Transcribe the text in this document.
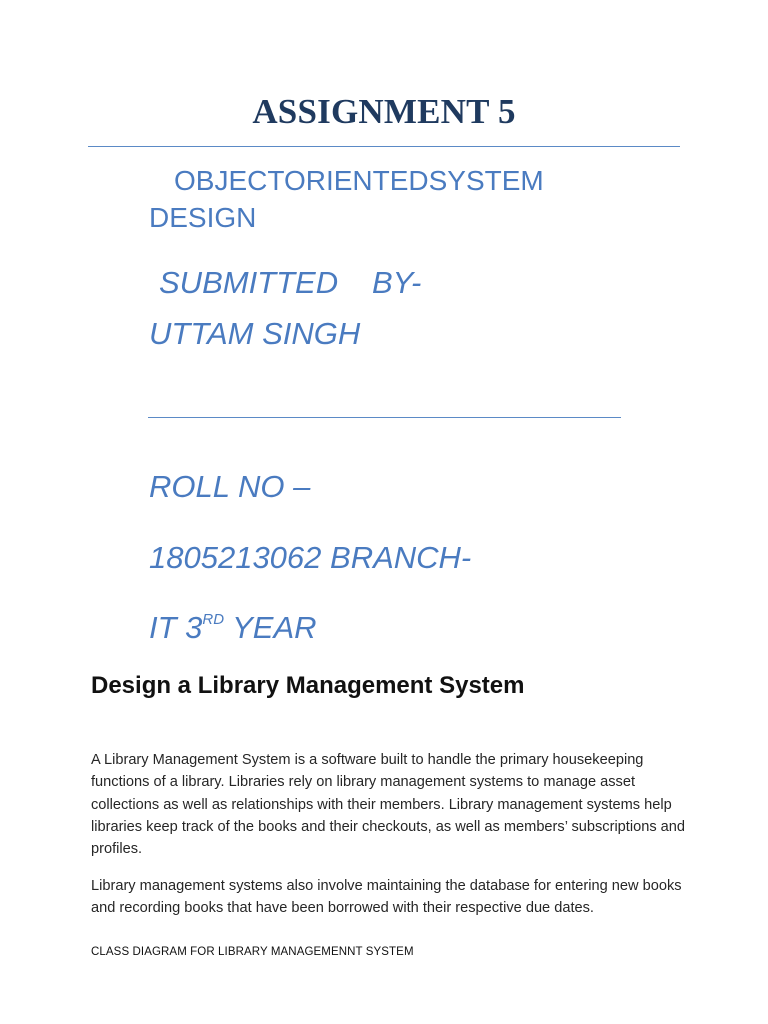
ASSIGNMENT 5
OBJECTORIENTEDSYSTEM
DESIGN
SUBMITTED BY-
UTTAM SINGH
ROLL NO –
1805213062 BRANCH-
IT 3RD YEAR
Design a Library Management System

A Library Management System is a software built to handle the primary housekeeping functions of a library. Libraries rely on library management systems to manage asset collections as well as relationships with their members. Library management systems help libraries keep track of the books and their checkouts, as well as members’ subscriptions and profiles.

Library management systems also involve maintaining the database for entering new books and recording books that have been borrowed with their respective due dates.

CLASS DIAGRAM FOR LIBRARY MANAGEMENNT SYSTEM
